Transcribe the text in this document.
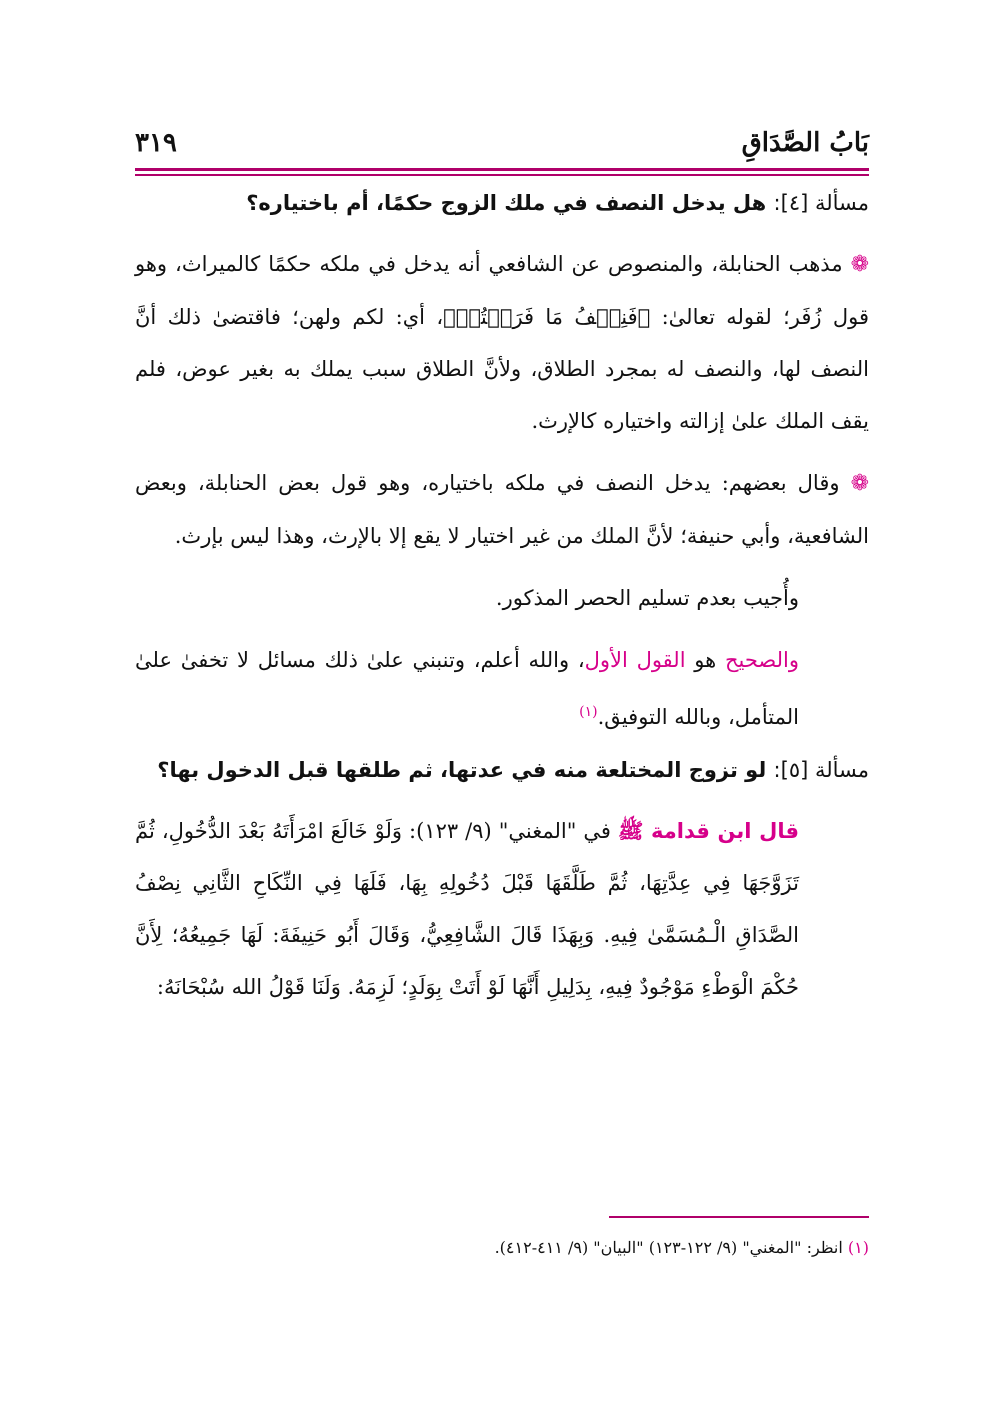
بَابُ الصَّدَاقِ
٣١٩
مسألة [٤]: هل يدخل النصف في ملك الزوج حكمًا، أم باختياره؟

❁ مذهب الحنابلة، والمنصوص عن الشافعي أنه يدخل في ملكه حكمًا كالميراث، وهو قول زُفَر؛ لقوله تعالىٰ: ﴿فَنِصۡفُ مَا فَرَضۡتُمۡ﴾، أي: لكم ولهن؛ فاقتضىٰ ذلك أنَّ النصف لها، والنصف له بمجرد الطلاق، ولأنَّ الطلاق سبب يملك به بغير عوض، فلم يقف الملك علىٰ إزالته واختياره كالإرث.

❁ وقال بعضهم: يدخل النصف في ملكه باختياره، وهو قول بعض الحنابلة، وبعض الشافعية، وأبي حنيفة؛ لأنَّ الملك من غير اختيار لا يقع إلا بالإرث، وهذا ليس بإرث.

وأُجيب بعدم تسليم الحصر المذكور.

والصحيح هو القول الأول، والله أعلم، وتنبني علىٰ ذلك مسائل لا تخفىٰ علىٰ المتأمل، وبالله التوفيق.$^{(١)}$

مسألة [٥]: لو تزوج المختلعة منه في عدتها، ثم طلقها قبل الدخول بها؟

قال ابن قدامة ﷺ في "المغني" (٩/ ١٢٣): وَلَوْ خَالَعَ امْرَأَتَهُ بَعْدَ الدُّخُولِ، ثُمَّ تَزَوَّجَهَا فِي عِدَّتِهَا، ثُمَّ طَلَّقَهَا قَبْلَ دُخُولِهِ بِهَا، فَلَهَا فِي النِّكَاحِ الثَّانِي نِصْفُ الصَّدَاقِ الْـمُسَمَّىٰ فِيهِ. وَبِهَذَا قَالَ الشَّافِعِيُّ، وَقَالَ أَبُو حَنِيفَةَ: لَهَا جَمِيعُهُ؛ لِأَنَّ حُكْمَ الْوَطْءِ مَوْجُودٌ فِيهِ، بِدَلِيلِ أَنَّهَا لَوْ أَتَتْ بِوَلَدٍ؛ لَزِمَهُ. وَلَنَا قَوْلُ الله سُبْحَانَهُ:

(١) انظر: "المغني" (٩/ ١٢٢-١٢٣) "البيان" (٩/ ٤١١-٤١٢).
